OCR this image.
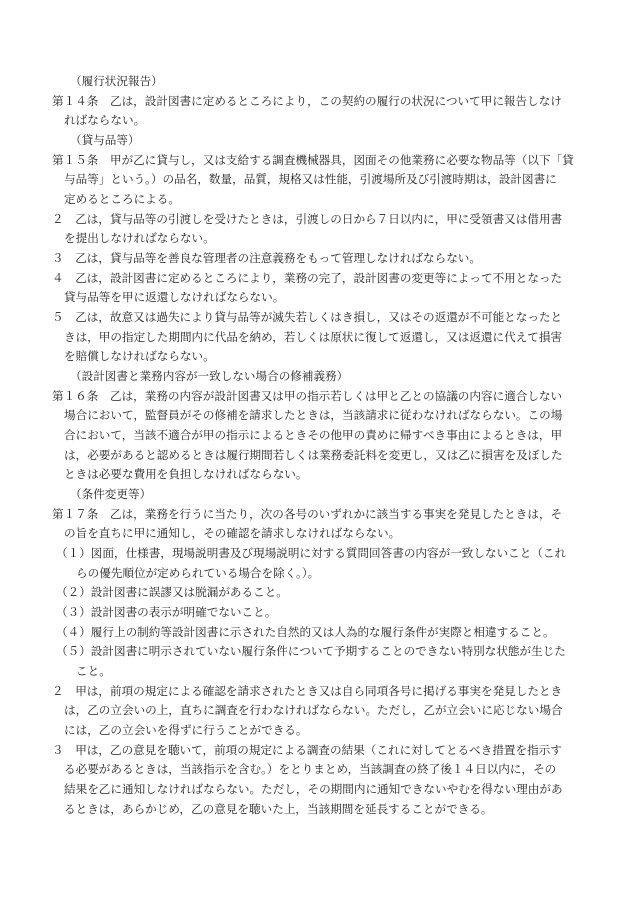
（履行状況報告）
第１４条　乙は，設計図書に定めるところにより，この契約の履行の状況について甲に報告しなけ
ればならない。
（貸与品等）
第１５条　甲が乙に貸与し，又は支給する調査機械器具，図面その他業務に必要な物品等（以下「貸
与品等」という。）の品名，数量，品質，規格又は性能，引渡場所及び引渡時期は，設計図書に
定めるところによる。
２　乙は，貸与品等の引渡しを受けたときは，引渡しの日から７日以内に，甲に受領書又は借用書
を提出しなければならない。
３　乙は，貸与品等を善良な管理者の注意義務をもって管理しなければならない。
４　乙は，設計図書に定めるところにより，業務の完了，設計図書の変更等によって不用となった
貸与品等を甲に返還しなければならない。
５　乙は，故意又は過失により貸与品等が滅失若しくはき損し，又はその返還が不可能となったと
きは，甲の指定した期間内に代品を納め，若しくは原状に復して返還し，又は返還に代えて損害
を賠償しなければならない。
（設計図書と業務内容が一致しない場合の修補義務）
第１６条　乙は，業務の内容が設計図書又は甲の指示若しくは甲と乙との協議の内容に適合しない
場合において，監督員がその修補を請求したときは，当該請求に従わなければならない。この場
合において，当該不適合が甲の指示によるときその他甲の責めに帰すべき事由によるときは，甲
は，必要があると認めるときは履行期間若しくは業務委託料を変更し，又は乙に損害を及ぼした
ときは必要な費用を負担しなければならない。
（条件変更等）
第１７条　乙は，業務を行うに当たり，次の各号のいずれかに該当する事実を発見したときは，そ
の旨を直ちに甲に通知し，その確認を請求しなければならない。
（１）図面，仕様書，現場説明書及び現場説明に対する質問回答書の内容が一致しないこと（これ
らの優先順位が定められている場合を除く。）。
（２）設計図書に誤謬又は脱漏があること。
（３）設計図書の表示が明確でないこと。
（４）履行上の制約等設計図書に示された自然的又は人為的な履行条件が実際と相違すること。
（５）設計図書に明示されていない履行条件について予期することのできない特別な状態が生じた
こと。
２　甲は，前項の規定による確認を請求されたとき又は自ら同項各号に掲げる事実を発見したとき
は，乙の立会いの上，直ちに調査を行わなければならない。ただし，乙が立会いに応じない場合
には，乙の立会いを得ずに行うことができる。
３　甲は，乙の意見を聴いて，前項の規定による調査の結果（これに対してとるべき措置を指示す
る必要があるときは，当該指示を含む。）をとりまとめ，当該調査の終了後１４日以内に，その
結果を乙に通知しなければならない。ただし，その期間内に通知できないやむを得ない理由があ
るときは，あらかじめ，乙の意見を聴いた上，当該期間を延長することができる。
